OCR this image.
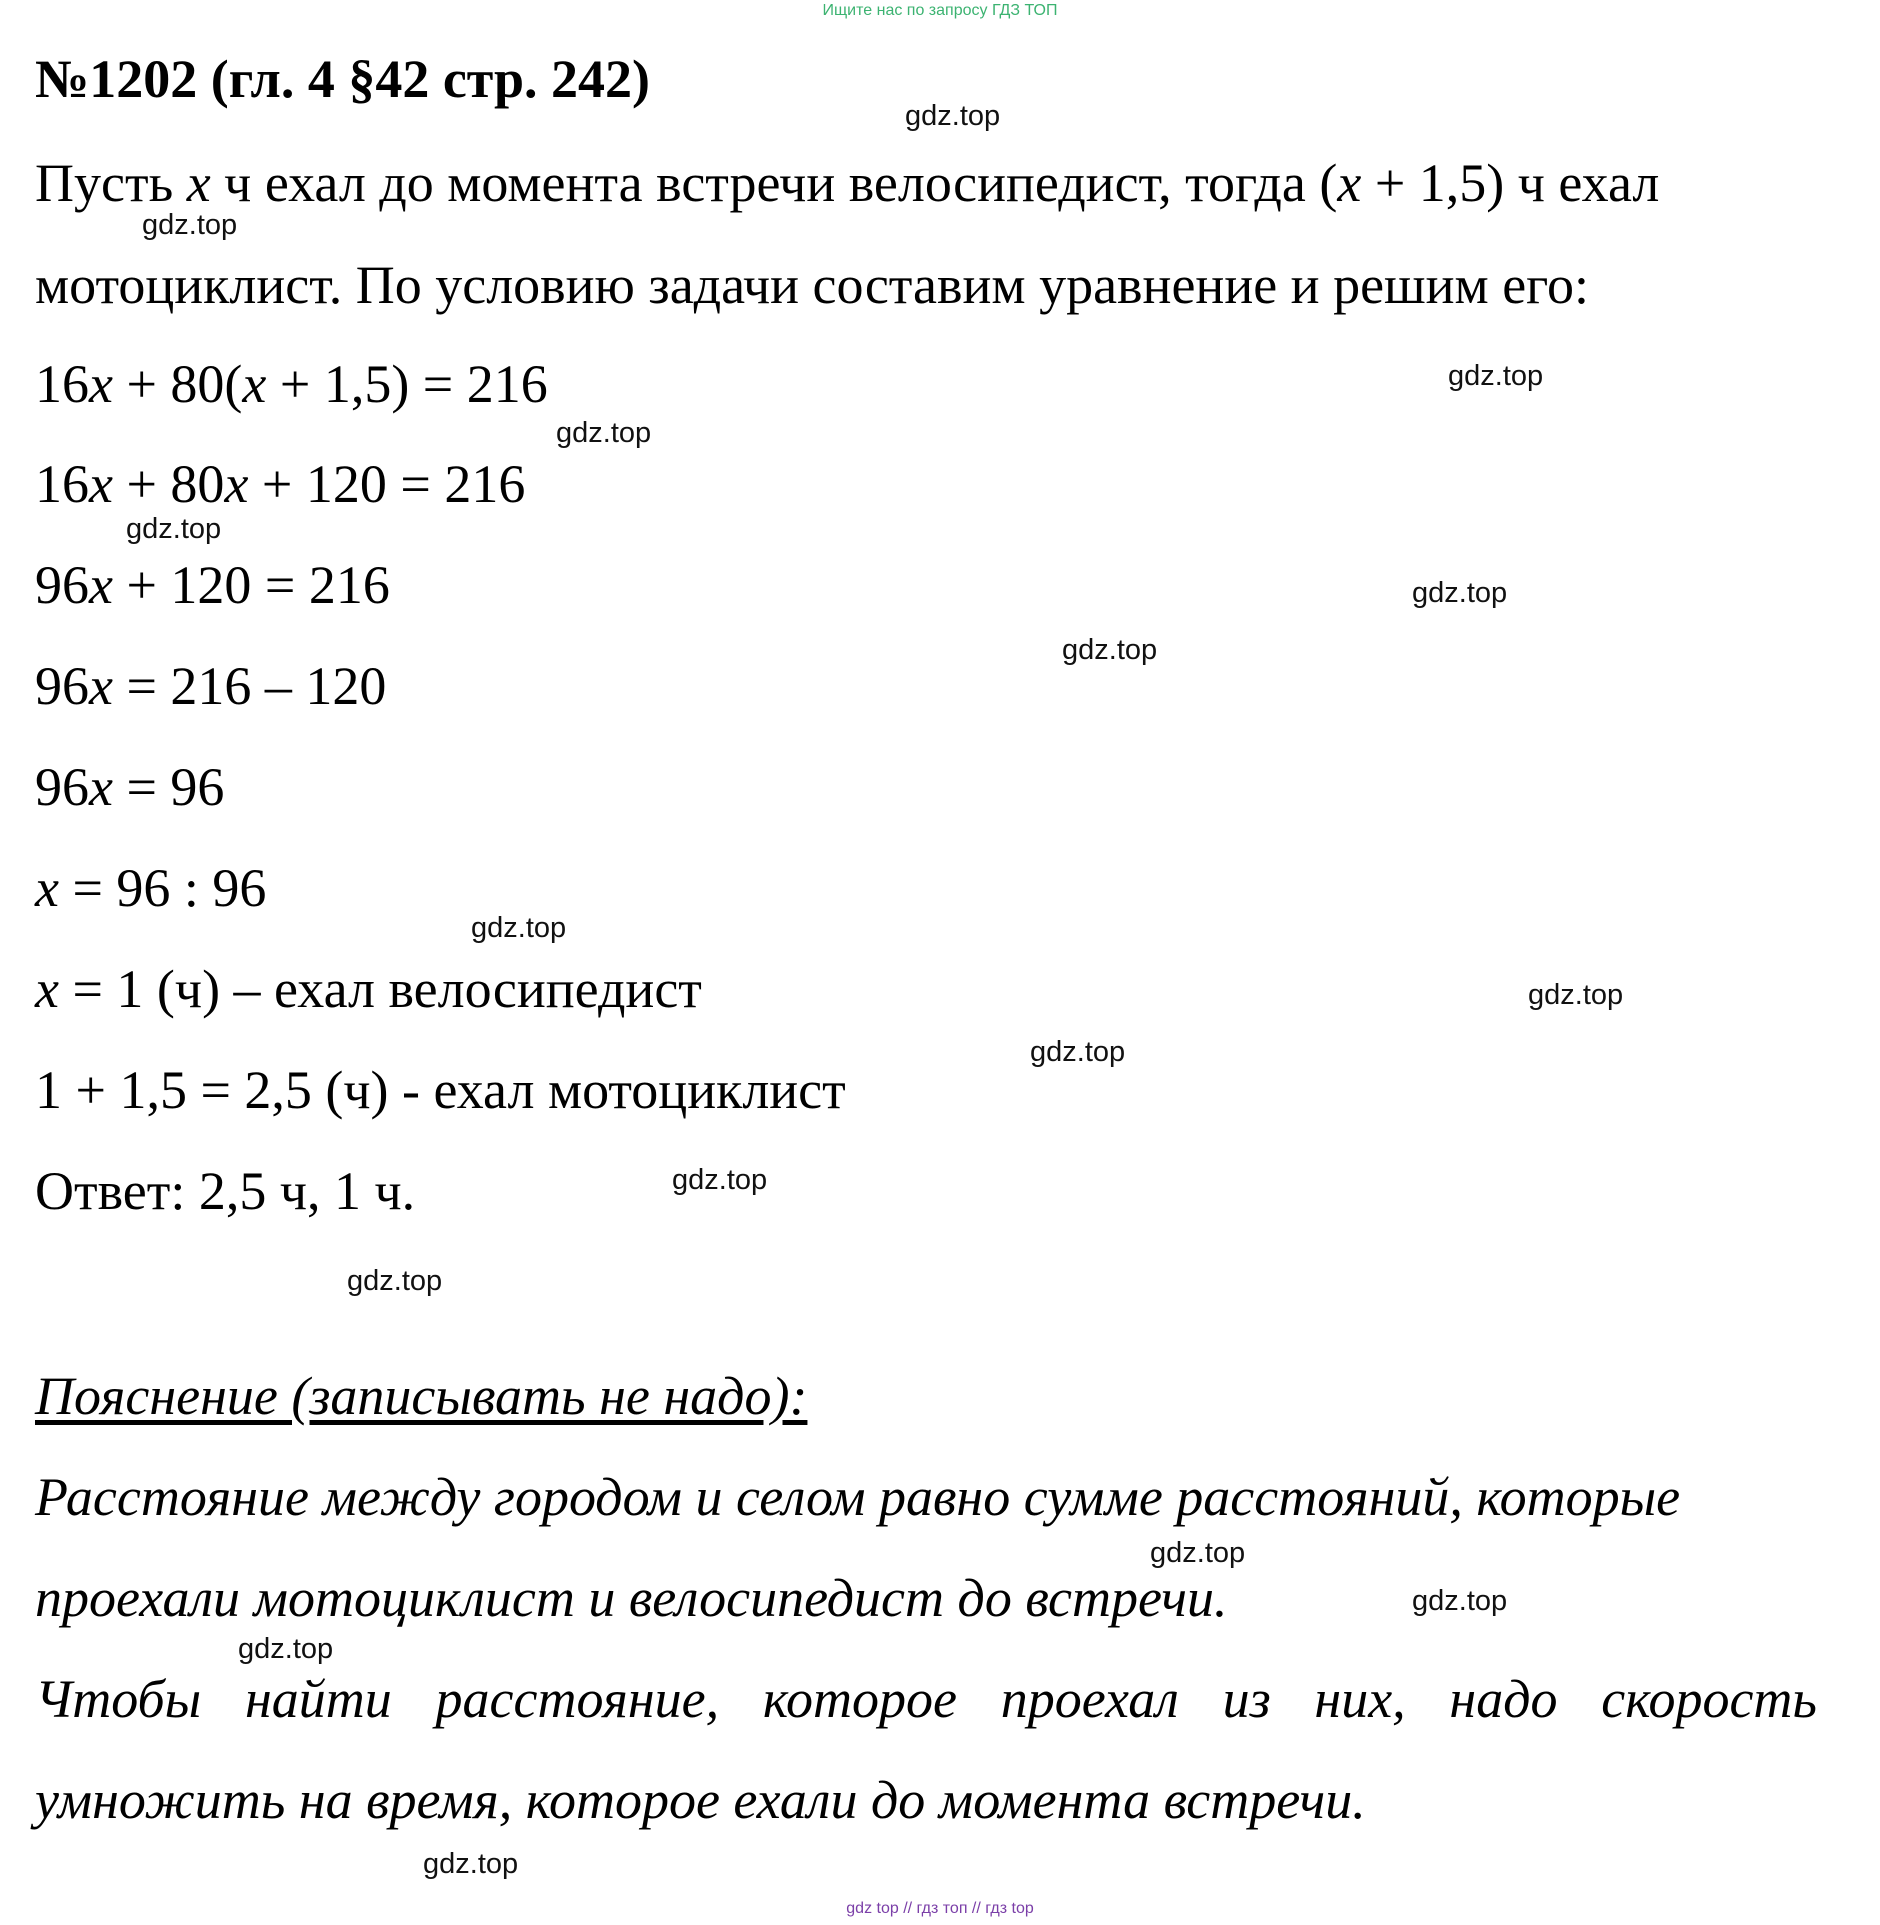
Ищите нас по запросу ГДЗ ТОП
№1202 (гл. 4 §42 стр. 242)
Пусть x ч ехал до момента встречи велосипедист, тогда (x + 1,5) ч ехал
мотоциклист. По условию задачи составим уравнение и решим его:
16x + 80(x + 1,5) = 216
16x + 80x + 120 = 216
96x + 120 = 216
96x = 216 – 120
96x = 96
x = 96 : 96
x = 1 (ч) – ехал велосипедист
1 + 1,5 = 2,5 (ч) - ехал мотоциклист
Ответ: 2,5 ч, 1 ч.
Пояснение (записывать не надо):
Расстояние между городом и селом равно сумме расстояний, которые
проехали мотоциклист и велосипедист до встречи.
Чтобы найти расстояние, которое проехал из них, надо скорость
умножить на время, которое ехали до момента встречи.
gdz.top
gdz.top
gdz.top
gdz.top
gdz.top
gdz.top
gdz.top
gdz.top
gdz.top
gdz.top
gdz.top
gdz.top
gdz.top
gdz.top
gdz.top
gdz.top
gdz top // гдз топ // гдз top
